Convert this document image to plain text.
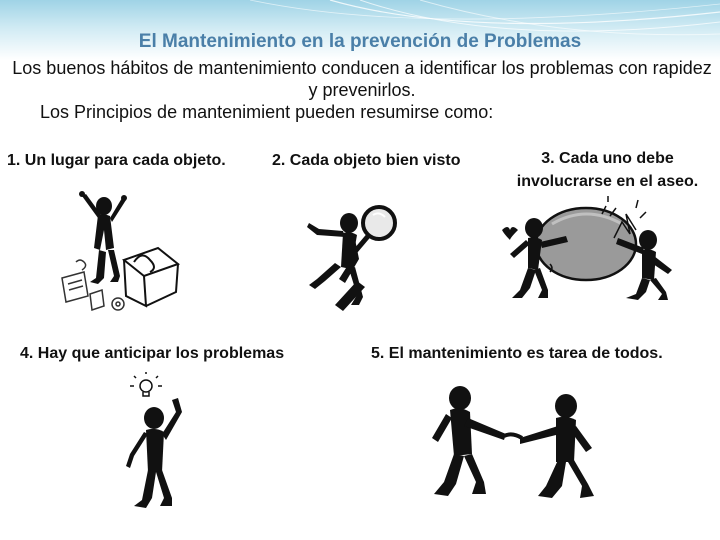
El Mantenimiento en la prevención de Problemas
Los buenos hábitos de mantenimiento conducen a identificar los problemas con rapidez y prevenirlos.
Los Principios de mantenimient pueden resumirse como:
1. Un lugar para cada objeto.	2. Cada objeto bien visto	3. Cada uno debe involucrarse en el aseo.
4. Hay que anticipar los problemas	5. El mantenimiento es tarea de todos.
